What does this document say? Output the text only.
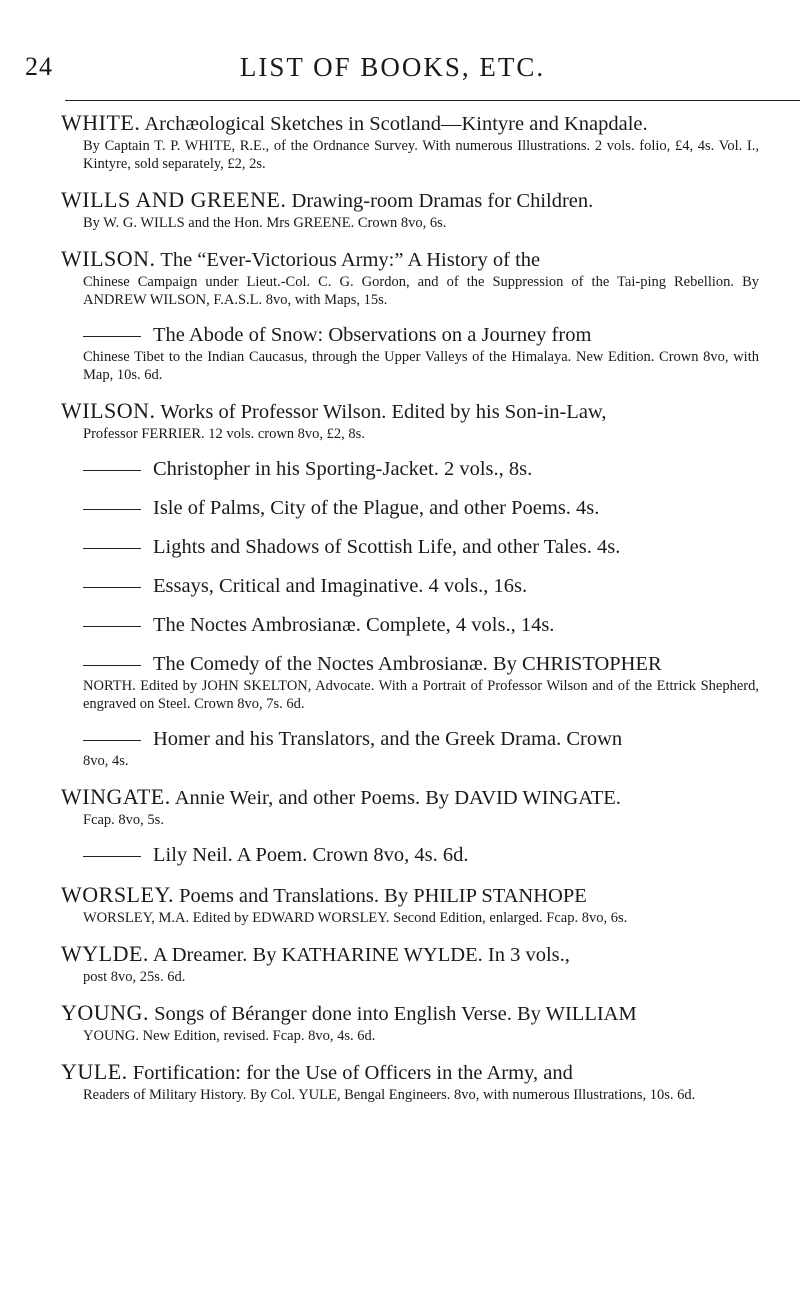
24	LIST OF BOOKS, ETC.
WHITE. Archæological Sketches in Scotland—Kintyre and Knapdale.
By Captain T. P. WHITE, R.E., of the Ordnance Survey. With numerous Illustrations. 2 vols. folio, £4, 4s. Vol. I., Kintyre, sold separately, £2, 2s.
WILLS AND GREENE. Drawing-room Dramas for Children.
By W. G. WILLS and the Hon. Mrs GREENE. Crown 8vo, 6s.
WILSON. The “Ever-Victorious Army:” A History of the
Chinese Campaign under Lieut.-Col. C. G. Gordon, and of the Suppression of the Tai-ping Rebellion. By ANDREW WILSON, F.A.S.L. 8vo, with Maps, 15s.
The Abode of Snow: Observations on a Journey from
Chinese Tibet to the Indian Caucasus, through the Upper Valleys of the Himalaya. New Edition. Crown 8vo, with Map, 10s. 6d.
WILSON. Works of Professor Wilson. Edited by his Son-in-Law,
Professor FERRIER. 12 vols. crown 8vo, £2, 8s.
Christopher in his Sporting-Jacket. 2 vols., 8s.
Isle of Palms, City of the Plague, and other Poems. 4s.
Lights and Shadows of Scottish Life, and other Tales. 4s.
Essays, Critical and Imaginative. 4 vols., 16s.
The Noctes Ambrosianæ. Complete, 4 vols., 14s.
The Comedy of the Noctes Ambrosianæ. By CHRISTOPHER
NORTH. Edited by JOHN SKELTON, Advocate. With a Portrait of Professor Wilson and of the Ettrick Shepherd, engraved on Steel. Crown 8vo, 7s. 6d.
Homer and his Translators, and the Greek Drama. Crown
8vo, 4s.
WINGATE. Annie Weir, and other Poems. By DAVID WINGATE.
Fcap. 8vo, 5s.
Lily Neil. A Poem. Crown 8vo, 4s. 6d.
WORSLEY. Poems and Translations. By PHILIP STANHOPE
WORSLEY, M.A. Edited by EDWARD WORSLEY. Second Edition, enlarged. Fcap. 8vo, 6s.
WYLDE. A Dreamer. By KATHARINE WYLDE. In 3 vols.,
post 8vo, 25s. 6d.
YOUNG. Songs of Béranger done into English Verse. By WILLIAM
YOUNG. New Edition, revised. Fcap. 8vo, 4s. 6d.
YULE. Fortification: for the Use of Officers in the Army, and
Readers of Military History. By Col. YULE, Bengal Engineers. 8vo, with numerous Illustrations, 10s. 6d.
